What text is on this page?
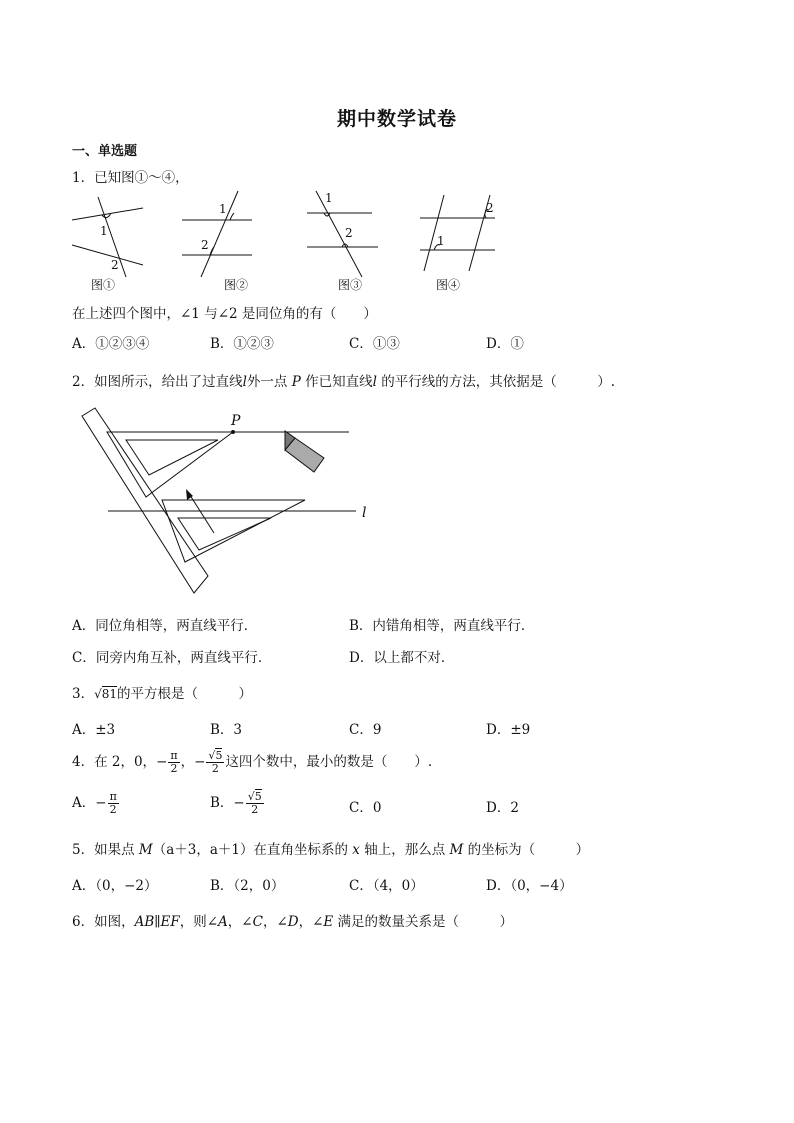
期中数学试卷
一、单选题
1．已知图①～④，
1
2
1
2
1
2
2
1
图①	图②	图③	图④
在上述四个图中，∠1 与∠2 是同位角的有（　　）
A．①②③④	B．①②③	C．①③	D．①
2．如图所示，给出了过直线l外一点 P 作已知直线l 的平行线的方法，其依据是（　　　）.
P
l
A．同位角相等，两直线平行．	B．内错角相等，两直线平行．
C．同旁内角互补，两直线平行．	D．以上都不对．
3．√81的平方根是（　　　）
A．±3	B．3	C．9	D．±9
4．在 2，0，− $\frac{\pi}{2}$ ，− $\frac{√5}{2}$ 这四个数中，最小的数是（　　）.
A．− $\frac{\pi}{2}$	B．− $\frac{√5}{2}$	C．0	D．2
5．如果点 M（a＋3，a＋1）在直角坐标系的 x 轴上，那么点 M 的坐标为（　　　）
A．（0，−2）	B．（2，0）	C．（4，0）	D．（0，−4）
6．如图，AB∥EF，则∠A，∠C，∠D，∠E 满足的数量关系是（　　　）
